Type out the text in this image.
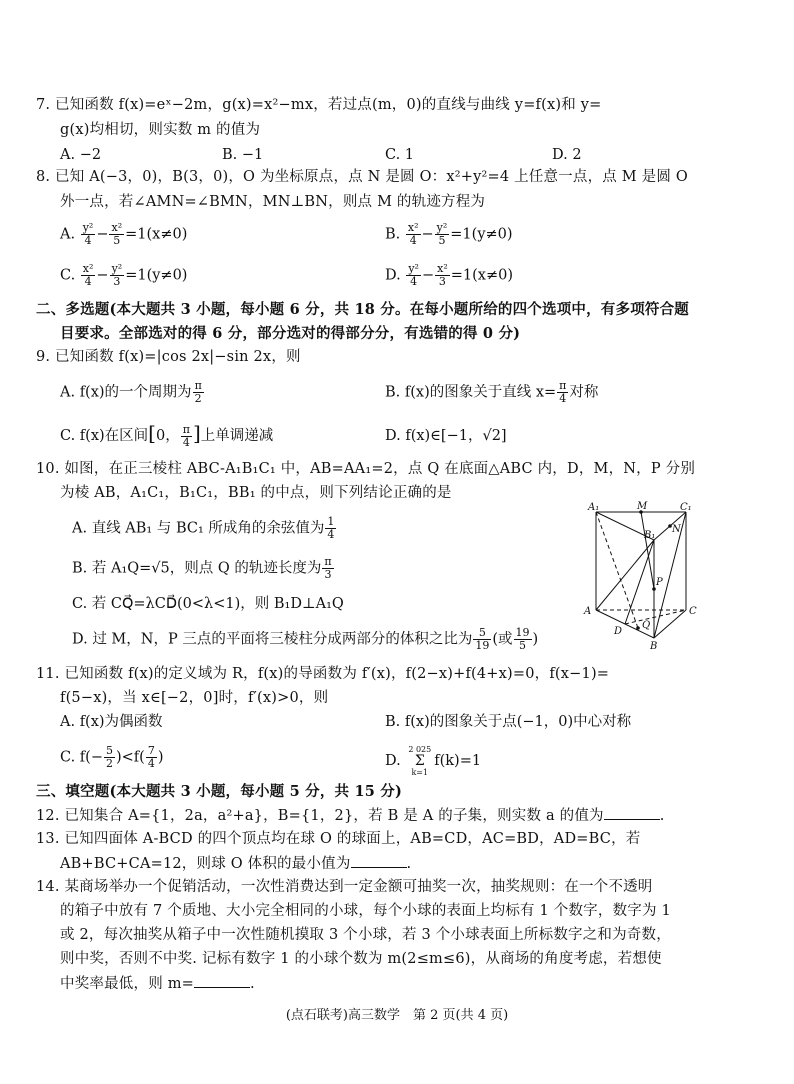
7. 已知函数 f(x)=eˣ−2m，g(x)=x²−mx，若过点(m，0)的直线与曲线 y=f(x)和 y=
g(x)均相切，则实数 m 的值为
A. −2	B. −1	C. 1	D. 2
8. 已知 A(−3，0)，B(3，0)，O 为坐标原点，点 N 是圆 O：x²+y²=4 上任意一点，点 M 是圆 O
外一点，若∠AMN=∠BMN，MN⊥BN，则点 M 的轨迹方程为
A. $\frac{\text{y²}}{4} - \frac{\text{x²}}{5} =1(x\ne 0)$	B. $\frac{\text{x²}}{4} - \frac{\text{y²}}{5} =1(y\ne 0)$
C. $\frac{\text{x²}}{4} - \frac{\text{y²}}{3} =1(y\ne 0)$	D. $\frac{\text{y²}}{4} - \frac{\text{x²}}{3} =1(x\ne 0)$
二、多选题(本大题共 3 小题，每小题 6 分，共 18 分。在每小题所给的四个选项中，有多项符合题
目要求。全部选对的得 6 分，部分选对的得部分分，有选错的得 0 分)
9. 已知函数 f(x)=|cos 2x|−sin 2x，则
A. f(x)的一个周期为 $\frac{\pi}{2}$	B. f(x)的图象关于直线 $x= \frac{\pi}{4}$ 对称
C. f(x)在区间[0， $\frac{\pi}{4}$ ]上单调递减	D. f(x)∈[−1，√2]
10. 如图，在正三棱柱 ABC-A₁B₁C₁ 中，AB=AA₁=2，点 Q 在底面△ABC 内，D，M，N，P 分别
为棱 AB，A₁C₁，B₁C₁，BB₁ 的中点，则下列结论正确的是
A. 直线 AB₁ 与 BC₁ 所成角的余弦值为 $\frac{1}{4}$
B. 若 A₁Q=√5，则点 Q 的轨迹长度为 $\frac{\pi}{3}$
C. 若 CQ⃗=λCD⃗(0<λ<1)，则 B₁D⊥A₁Q
D. 过 M，N，P 三点的平面将三棱柱分成两部分的体积之比为 $\frac{5}{19}$ (或 $\frac{19}{5}$ )
A₁	M	C₁
B₁
N
P
A	C
D
Q
B
11. 已知函数 f(x)的定义域为 R，f(x)的导函数为 f′(x)，f(2−x)+f(4+x)=0，f(x−1)=
f(5−x)，当 x∈[−2，0]时，f′(x)>0，则
A. f(x)为偶函数	B. f(x)的图象关于点(−1，0)中心对称
C. $f(- \frac{5}{2} )<f( \frac{7}{4}$ )	D.
2 025
Σ
k=1
f(k)=1
三、填空题(本大题共 3 小题，每小题 5 分，共 15 分)
12. 已知集合 A={1，2a，a²+a}，B={1，2}，若 B 是 A 的子集，则实数 a 的值为	.
13. 已知四面体 A-BCD 的四个顶点均在球 O 的球面上，AB=CD，AC=BD，AD=BC，若
AB+BC+CA=12，则球 O 体积的最小值为	.
14. 某商场举办一个促销活动，一次性消费达到一定金额可抽奖一次，抽奖规则：在一个不透明
的箱子中放有 7 个质地、大小完全相同的小球，每个小球的表面上均标有 1 个数字，数字为 1
或 2，每次抽奖从箱子中一次性随机摸取 3 个小球，若 3 个小球表面上所标数字之和为奇数，
则中奖，否则不中奖. 记标有数字 1 的小球个数为 m(2≤m≤6)，从商场的角度考虑，若想使
中奖率最低，则 m=	.
(点石联考)高三数学　第 2 页(共 4 页)
